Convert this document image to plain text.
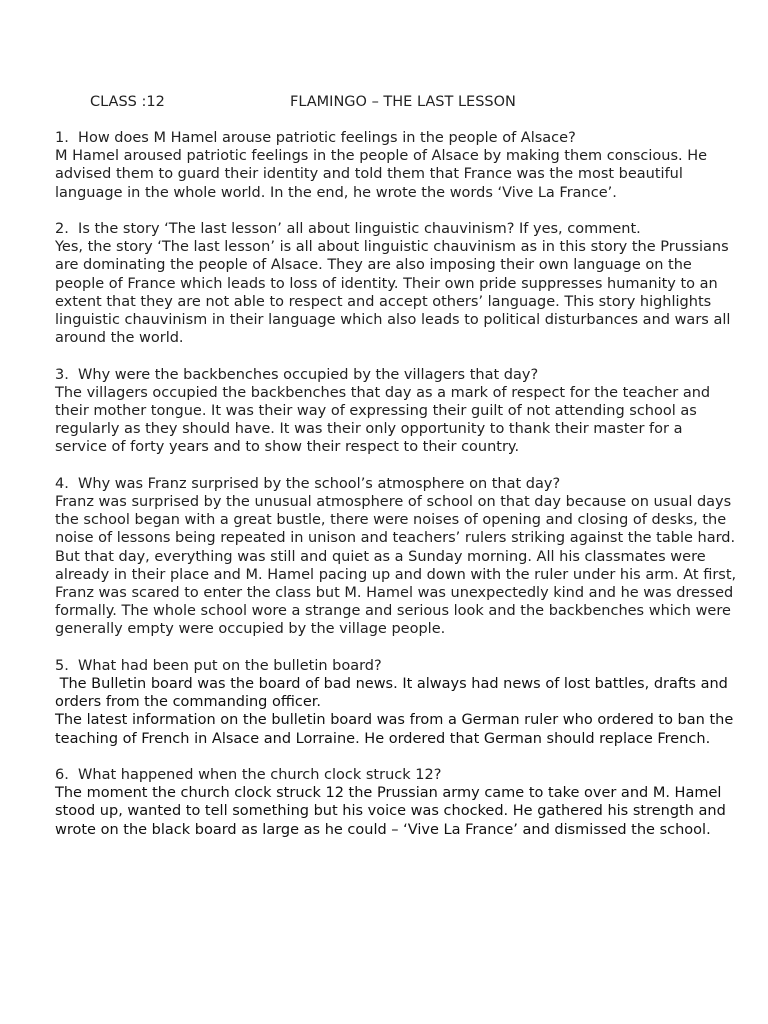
CLASS :12	FLAMINGO – THE LAST LESSON

1.  How does M Hamel arouse patriotic feelings in the people of Alsace?

M Hamel aroused patriotic feelings in the people of Alsace by making them conscious. He advised them to guard their identity and told them that France was the most beautiful language in the whole world. In the end, he wrote the words ‘Vive La France’.

2.  Is the story ‘The last lesson’ all about linguistic chauvinism? If yes, comment.

Yes, the story ‘The last lesson’ is all about linguistic chauvinism as in this story the Prussians are dominating the people of Alsace. They are also imposing their own language on the people of France which leads to loss of identity. Their own pride suppresses humanity to an extent that they are not able to respect and accept others’ language. This story highlights linguistic chauvinism in their language which also leads to political disturbances and wars all around the world.

3.  Why were the backbenches occupied by the villagers that day?

The villagers occupied the backbenches that day as a mark of respect for the teacher and their mother tongue. It was their way of expressing their guilt of not attending school as regularly as they should have. It was their only opportunity to thank their master for a service of forty years and to show their respect to their country.

4.  Why was Franz surprised by the school’s atmosphere on that day?

Franz was surprised by the unusual atmosphere of school on that day because on usual days the school began with a great bustle, there were noises of opening and closing of desks, the noise of lessons being repeated in unison and teachers’ rulers striking against the table hard. But that day, everything was still and quiet as a Sunday morning. All his classmates were already in their place and M. Hamel pacing up and down with the ruler under his arm. At first, Franz was scared to enter the class but M. Hamel was unexpectedly kind and he was dressed formally. The whole school wore a strange and serious look and the backbenches which were generally empty were occupied by the village people.

5.  What had been put on the bulletin board?

The Bulletin board was the board of bad news. It always had news of lost battles, drafts and orders from the commanding officer.
The latest information on the bulletin board was from a German ruler who ordered to ban the teaching of French in Alsace and Lorraine. He ordered that German should replace French.

6.  What happened when the church clock struck 12?

The moment the church clock struck 12 the Prussian army came to take over and M. Hamel stood up, wanted to tell something but his voice was chocked. He gathered his strength and wrote on the black board as large as he could – ‘Vive La France’ and dismissed the school.
